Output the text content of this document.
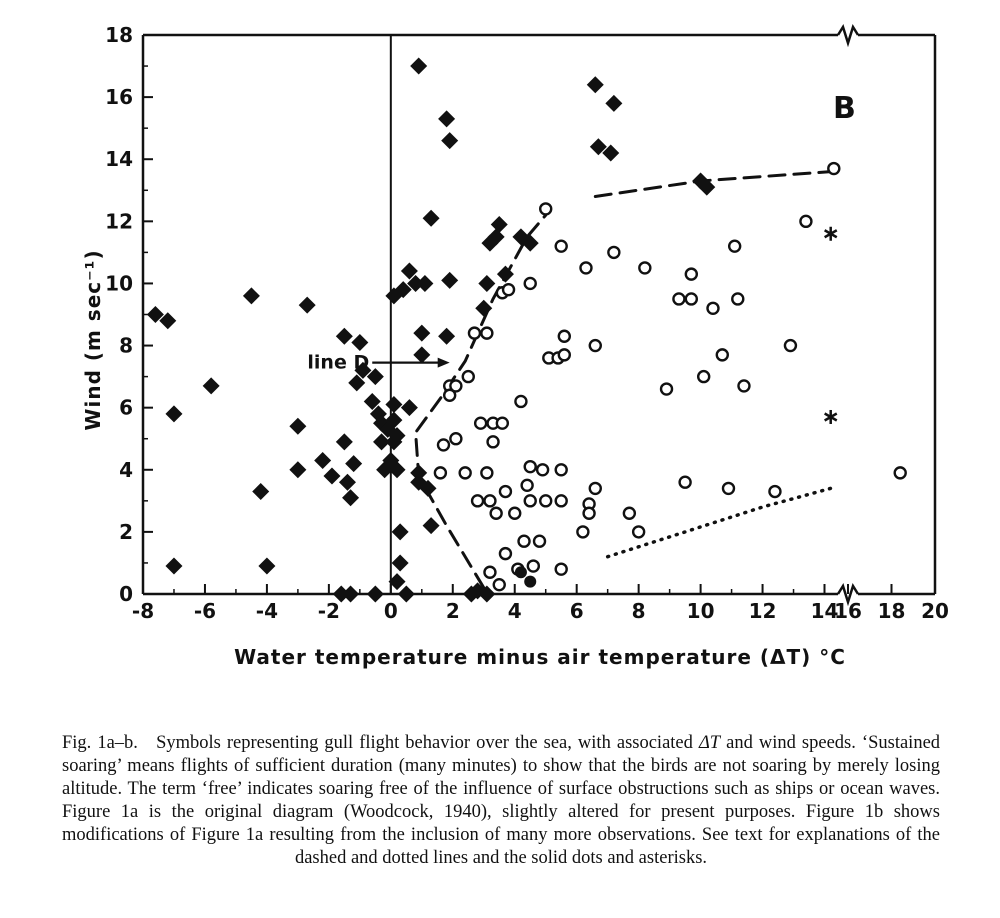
0
2
4
6
8
10
12
14
16
18
-8 -6 -4 -2 0 2 4 6 8 10 12 14
16 18 20
B
Water temperature minus air temperature (ΔT) °C
Wind (m sec⁻¹)	line D
Fig. 1a–b. Symbols representing gull flight behavior over the sea, with associated ΔT and wind speeds. ‘Sustained soaring’ means flights of sufficient duration (many minutes) to show that the birds are not soaring by merely losing altitude. The term ‘free’ indicates soaring free of the influence of surface obstructions such as ships or ocean waves. Figure 1a is the original diagram (Woodcock, 1940), slightly altered for present purposes. Figure 1b shows modifications of Figure 1a resulting from the inclusion of many more observations. See text for explanations of the dashed and dotted lines and the solid dots and asterisks.
